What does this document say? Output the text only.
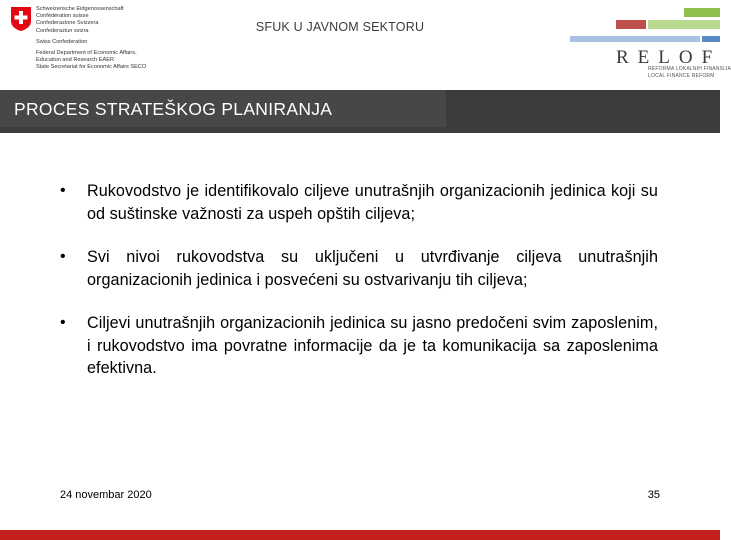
Schweizerische Eidgenossenschaft
Confédération suisse
Confederazione Svizzera
Confederaziun svizra
Swiss Confederation
Federal Department of Economic Affairs,
Education and Research EAER
State Secretariat for Economic Affairs SECO
SFUK U JAVNOM SEKTORU
RELOF
REFORMA LOKALNIH FINANSIJA
LOCAL FINANCE REFORM
PROCES STRATEŠKOG PLANIRANJA
• Rukovodstvo je identifikovalo ciljeve unutrašnjih organizacionih jedinica koji su od suštinske važnosti za uspeh opštih ciljeva;
• Svi nivoi rukovodstva su uključeni u utvrđivanje ciljeva unutrašnjih organizacionih jedinica i posvećeni su ostvarivanju tih ciljeva;
• Ciljevi unutrašnjih organizacionih jedinica su jasno predočeni svim zaposlenim, i rukovodstvo ima povratne informacije da je ta komunikacija sa zaposlenima efektivna.
24 novembar 2020	35
